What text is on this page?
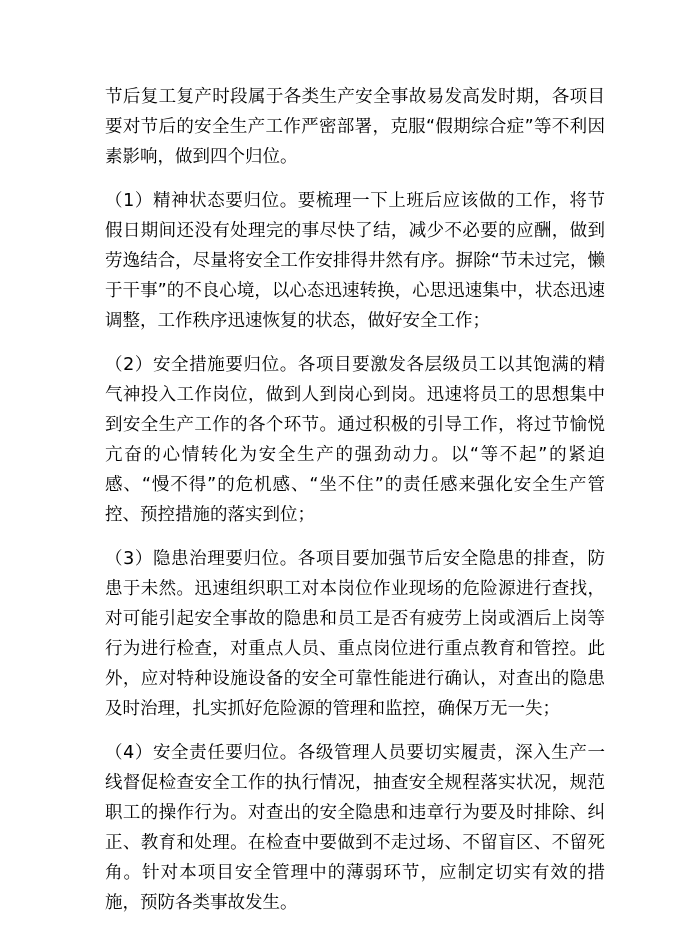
节后复工复产时段属于各类生产安全事故易发高发时期，各项目要对节后的安全生产工作严密部署，克服“假期综合症”等不利因素影响，做到四个归位。

（1）精神状态要归位。要梳理一下上班后应该做的工作，将节假日期间还没有处理完的事尽快了结，减少不必要的应酬，做到劳逸结合，尽量将安全工作安排得井然有序。摒除“节未过完，懒于干事”的不良心境，以心态迅速转换，心思迅速集中，状态迅速调整，工作秩序迅速恢复的状态，做好安全工作；

（2）安全措施要归位。各项目要激发各层级员工以其饱满的精气神投入工作岗位，做到人到岗心到岗。迅速将员工的思想集中到安全生产工作的各个环节。通过积极的引导工作，将过节愉悦亢奋的心情转化为安全生产的强劲动力。以“等不起”的紧迫感、“慢不得”的危机感、“坐不住”的责任感来强化安全生产管控、预控措施的落实到位；

（3）隐患治理要归位。各项目要加强节后安全隐患的排查，防患于未然。迅速组织职工对本岗位作业现场的危险源进行查找，对可能引起安全事故的隐患和员工是否有疲劳上岗或酒后上岗等行为进行检查，对重点人员、重点岗位进行重点教育和管控。此外，应对特种设施设备的安全可靠性能进行确认，对查出的隐患及时治理，扎实抓好危险源的管理和监控，确保万无一失；

（4）安全责任要归位。各级管理人员要切实履责，深入生产一线督促检查安全工作的执行情况，抽查安全规程落实状况，规范职工的操作行为。对查出的安全隐患和违章行为要及时排除、纠正、教育和处理。在检查中要做到不走过场、不留盲区、不留死角。针对本项目安全管理中的薄弱环节，应制定切实有效的措施，预防各类事故发生。
